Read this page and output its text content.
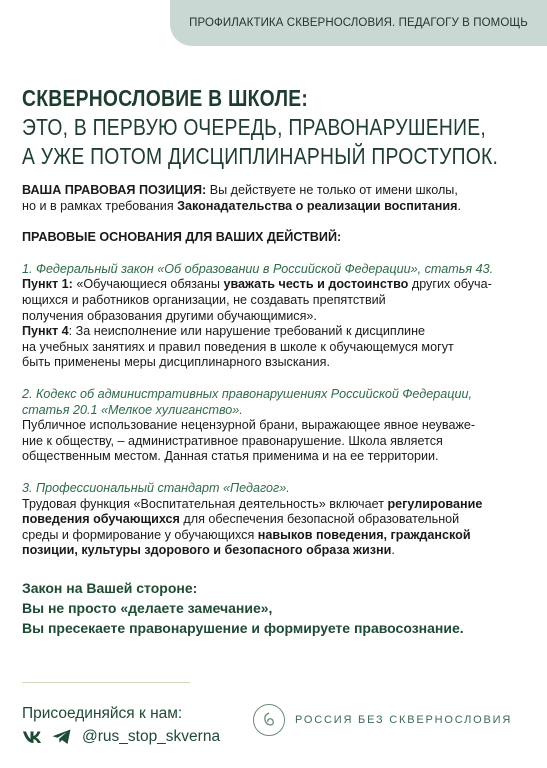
ПРОФИЛАКТИКА СКВЕРНОСЛОВИЯ. ПЕДАГОГУ В ПОМОЩЬ
СКВЕРНОСЛОВИЕ В ШКОЛЕ:
ЭТО, В ПЕРВУЮ ОЧЕРЕДЬ, ПРАВОНАРУШЕНИЕ,
А УЖЕ ПОТОМ ДИСЦИПЛИНАРНЫЙ ПРОСТУПОК.

ВАША ПРАВОВАЯ ПОЗИЦИЯ: Вы действуете не только от имени школы,

но и в рамках требования Законадательства о реализации воспитания.

ПРАВОВЫЕ ОСНОВАНИЯ ДЛЯ ВАШИХ ДЕЙСТВИЙ:

1. Федеральный закон «Об образовании в Российской Федерации», статья 43.

Пункт 1: «Обучающиеся обязаны уважать честь и достоинство других обуча-

ющихся и работников организации, не создавать препятствий

получения образования другими обучающимися».

Пункт 4: За неисполнение или нарушение требований к дисциплине

на учебных занятиях и правил поведения в школе к обучающемуся могут

быть применены меры дисциплинарного взыскания.

2. Кодекс об административных правонарушениях Российской Федерации,

статья 20.1 «Мелкое хулиганство».

Публичное использование нецензурной брани, выражающее явное неуваже-

ние к обществу, – административное правонарушение. Школа является

общественным местом. Данная статья применима и на ее территории.

3. Профессиональный стандарт «Педагог».

Трудовая функция «Воспитательная деятельность» включает регулирование

поведения обучающихся для обеспечения безопасной образовательной

среды и формирование у обучающихся навыков поведения, гражданской

позиции, культуры здорового и безопасного образа жизни.

Закон на Вашей стороне:
Вы не просто «делаете замечание»,
Вы пресекаете правонарушение и формируете правосознание.
Присоединяйся к нам:
@rus_stop_skverna
РОССИЯ БЕЗ СКВЕРНОСЛОВИЯ
